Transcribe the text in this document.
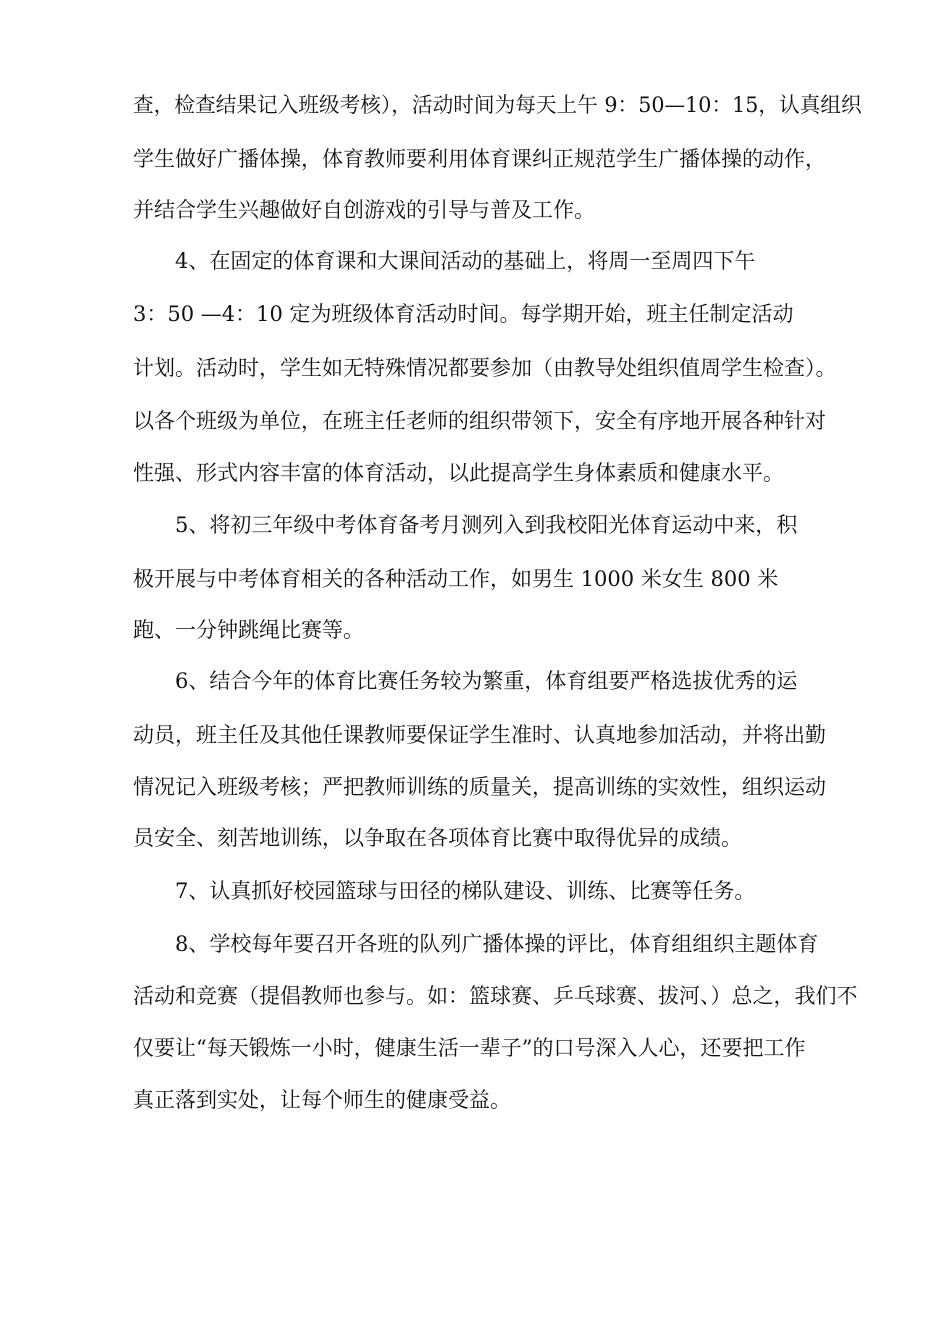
查，检查结果记入班级考核），活动时间为每天上午 9：50—10：15，认真组织
学生做好广播体操，体育教师要利用体育课纠正规范学生广播体操的动作，
并结合学生兴趣做好自创游戏的引导与普及工作。
4、在固定的体育课和大课间活动的基础上，将周一至周四下午
3：50 —4：10 定为班级体育活动时间。每学期开始，班主任制定活动
计划。活动时，学生如无特殊情况都要参加（由教导处组织值周学生检查）。
以各个班级为单位，在班主任老师的组织带领下，安全有序地开展各种针对
性强、形式内容丰富的体育活动，以此提高学生身体素质和健康水平。
5、将初三年级中考体育备考月测列入到我校阳光体育运动中来，积
极开展与中考体育相关的各种活动工作，如男生 1000 米女生 800 米
跑、一分钟跳绳比赛等。
6、结合今年的体育比赛任务较为繁重，体育组要严格选拔优秀的运
动员，班主任及其他任课教师要保证学生准时、认真地参加活动，并将出勤
情况记入班级考核；严把教师训练的质量关，提高训练的实效性，组织运动
员安全、刻苦地训练，以争取在各项体育比赛中取得优异的成绩。
7、认真抓好校园篮球与田径的梯队建设、训练、比赛等任务。
8、学校每年要召开各班的队列广播体操的评比，体育组组织主题体育
活动和竞赛（提倡教师也参与。如：篮球赛、乒乓球赛、拔河、）总之，我们不
仅要让“每天锻炼一小时，健康生活一辈子”的口号深入人心，还要把工作
真正落到实处，让每个师生的健康受益。
